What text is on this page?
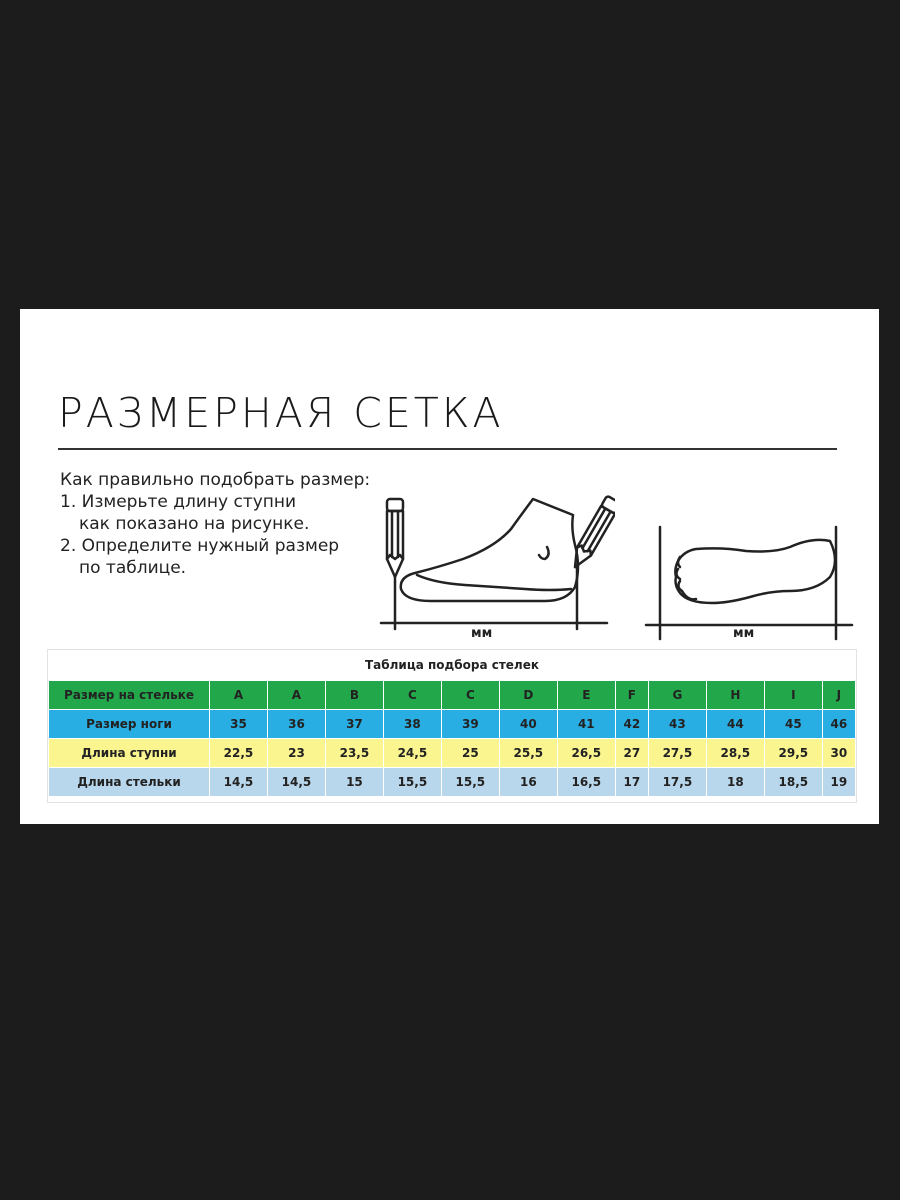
РАЗМЕРНАЯ СЕТКА
Как правильно подобрать размер:
1. Измерьте длину ступни
как показано на рисунке.
2. Определите нужный размер
по таблице.
мм	мм
Таблица подбора стелек
Размер на стельке	A	A	B	C	C	D	E	F	G	H	I	J
Размер ноги	35	36	37	38	39	40	41	42	43	44	45	46
Длина ступни	22,5	23	23,5	24,5	25	25,5	26,5	27	27,5	28,5	29,5	30
Длина стельки	14,5	14,5	15	15,5	15,5	16	16,5	17	17,5	18	18,5	19
